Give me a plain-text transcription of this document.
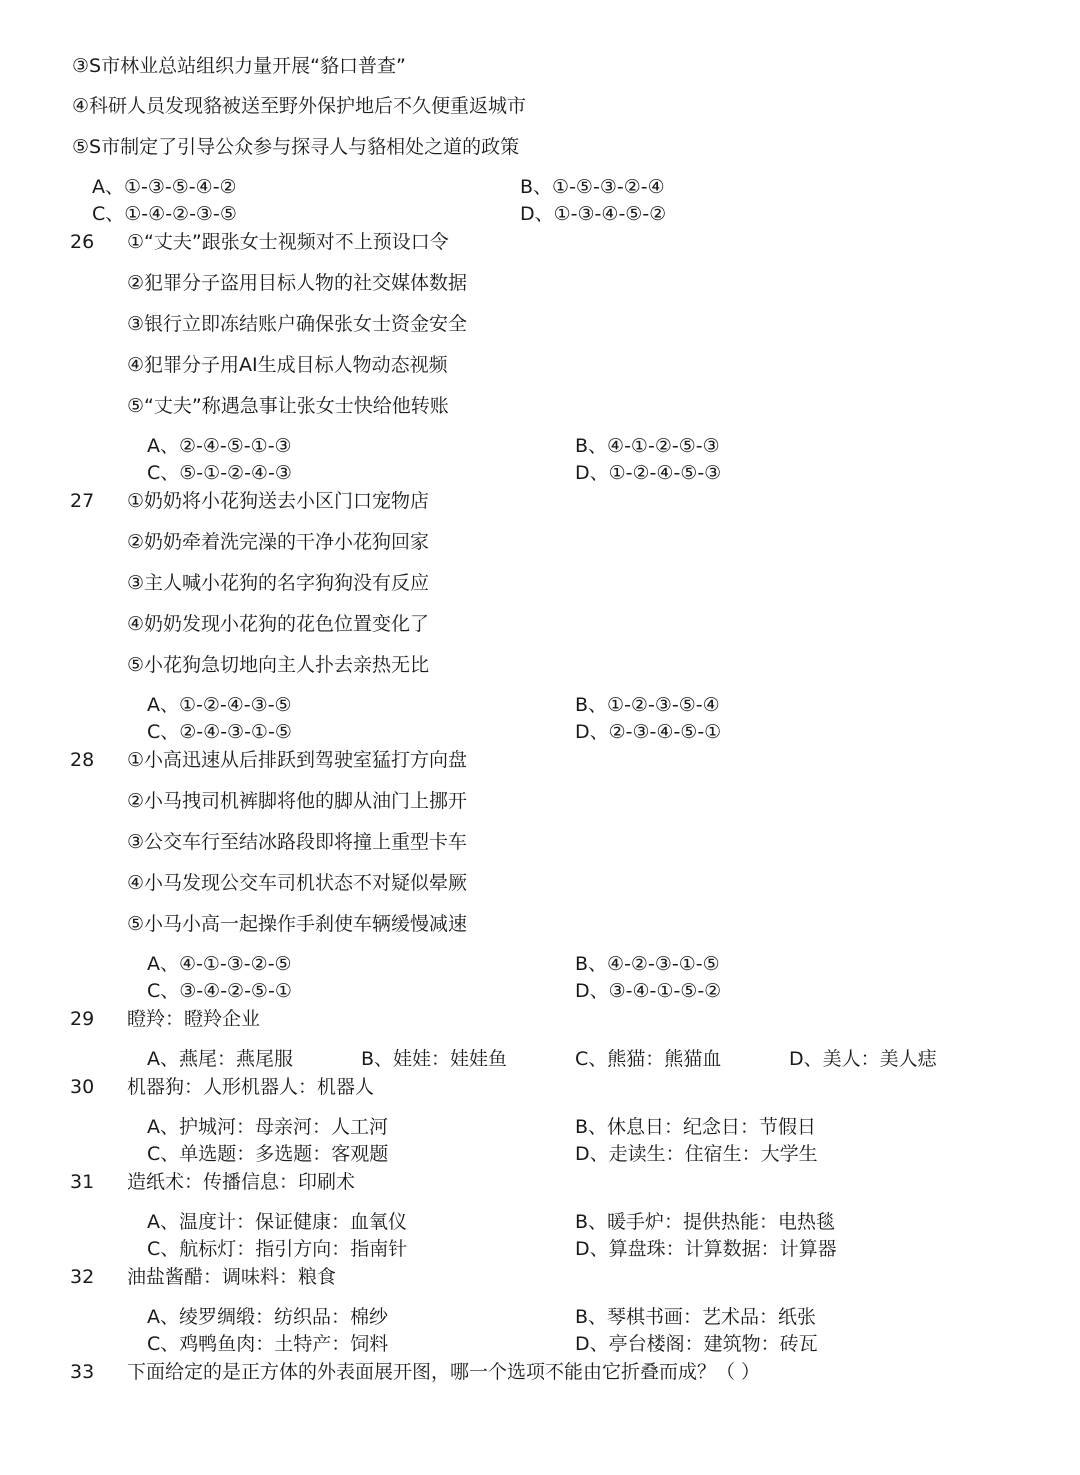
③S市林业总站组织力量开展“貉口普查”
④科研人员发现貉被送至野外保护地后不久便重返城市
⑤S市制定了引导公众参与探寻人与貉相处之道的政策
A、①-③-⑤-④-②	B、①-⑤-③-②-④
C、①-④-②-③-⑤	D、①-③-④-⑤-②
26 ①“丈夫”跟张女士视频对不上预设口令
②犯罪分子盗用目标人物的社交媒体数据
③银行立即冻结账户确保张女士资金安全
④犯罪分子用AI生成目标人物动态视频
⑤“丈夫”称遇急事让张女士快给他转账
A、②-④-⑤-①-③	B、④-①-②-⑤-③
C、⑤-①-②-④-③	D、①-②-④-⑤-③
27 ①奶奶将小花狗送去小区门口宠物店
②奶奶牵着洗完澡的干净小花狗回家
③主人喊小花狗的名字狗狗没有反应
④奶奶发现小花狗的花色位置变化了
⑤小花狗急切地向主人扑去亲热无比
A、①-②-④-③-⑤	B、①-②-③-⑤-④
C、②-④-③-①-⑤	D、②-③-④-⑤-①
28 ①小高迅速从后排跃到驾驶室猛打方向盘
②小马拽司机裤脚将他的脚从油门上挪开
③公交车行至结冰路段即将撞上重型卡车
④小马发现公交车司机状态不对疑似晕厥
⑤小马小高一起操作手刹使车辆缓慢减速
A、④-①-③-②-⑤	B、④-②-③-①-⑤
C、③-④-②-⑤-①	D、③-④-①-⑤-②
29 瞪羚：瞪羚企业
A、燕尾：燕尾服	B、娃娃：娃娃鱼	C、熊猫：熊猫血	D、美人：美人痣
30 机器狗：人形机器人：机器人
A、护城河：母亲河：人工河	B、休息日：纪念日：节假日
C、单选题：多选题：客观题	D、走读生：住宿生：大学生
31 造纸术：传播信息：印刷术
A、温度计：保证健康：血氧仪	B、暖手炉：提供热能：电热毯
C、航标灯：指引方向：指南针	D、算盘珠：计算数据：计算器
32 油盐酱醋：调味料：粮食
A、绫罗绸缎：纺织品：棉纱	B、琴棋书画：艺术品：纸张
C、鸡鸭鱼肉：土特产：饲料	D、亭台楼阁：建筑物：砖瓦
33 下面给定的是正方体的外表面展开图，哪一个选项不能由它折叠而成？（ ）
